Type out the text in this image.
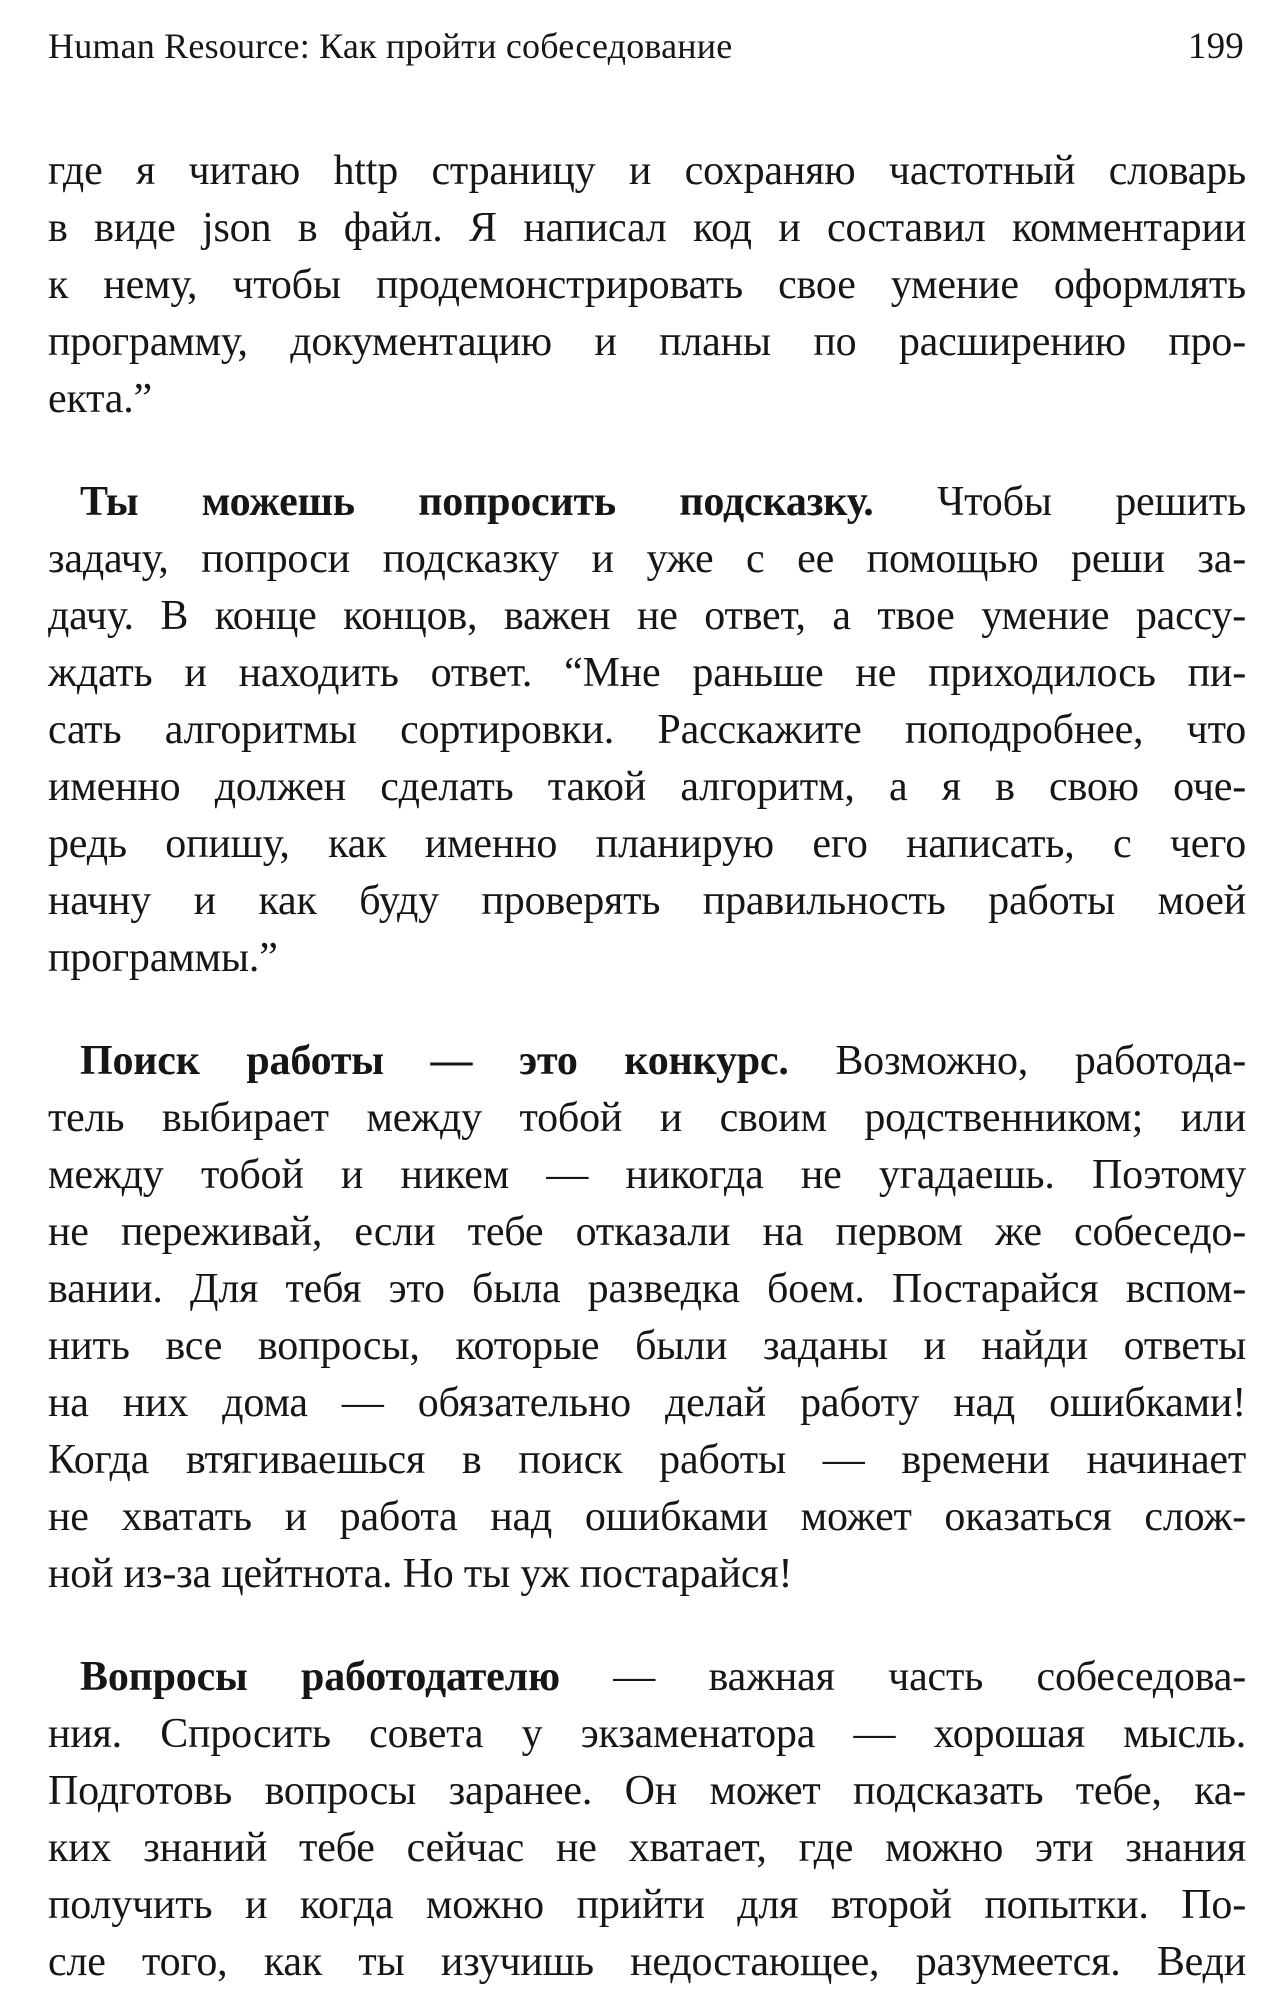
Human Resource: Как пройти собеседование	199

где я читаю http страницу и сохраняю частотный словарь
в виде json в файл. Я написал код и составил комментарии
к нему, чтобы продемонстрировать свое умение оформлять
программу, документацию и планы по расширению про-
екта.”

Ты можешь попросить подсказку. Чтобы решить
задачу, попроси подсказку и уже с ее помощью реши за-
дачу. В конце концов, важен не ответ, а твое умение рассу-
ждать и находить ответ. “Мне раньше не приходилось пи-
сать алгоритмы сортировки. Расскажите поподробнее, что
именно должен сделать такой алгоритм, а я в свою оче-
редь опишу, как именно планирую его написать, с чего
начну и как буду проверять правильность работы моей
программы.”

Поиск работы — это конкурс. Возможно, работода-
тель выбирает между тобой и своим родственником; или
между тобой и никем — никогда не угадаешь. Поэтому
не переживай, если тебе отказали на первом же собеседо-
вании. Для тебя это была разведка боем. Постарайся вспом-
нить все вопросы, которые были заданы и найди ответы
на них дома — обязательно делай работу над ошибками!
Когда втягиваешься в поиск работы — времени начинает
не хватать и работа над ошибками может оказаться слож-
ной из-за цейтнота. Но ты уж постарайся!

Вопросы работодателю — важная часть собеседова-
ния. Спросить совета у экзаменатора — хорошая мысль.
Подготовь вопросы заранее. Он может подсказать тебе, ка-
ких знаний тебе сейчас не хватает, где можно эти знания
получить и когда можно прийти для второй попытки. По-
сле того, как ты изучишь недостающее, разумеется. Веди
